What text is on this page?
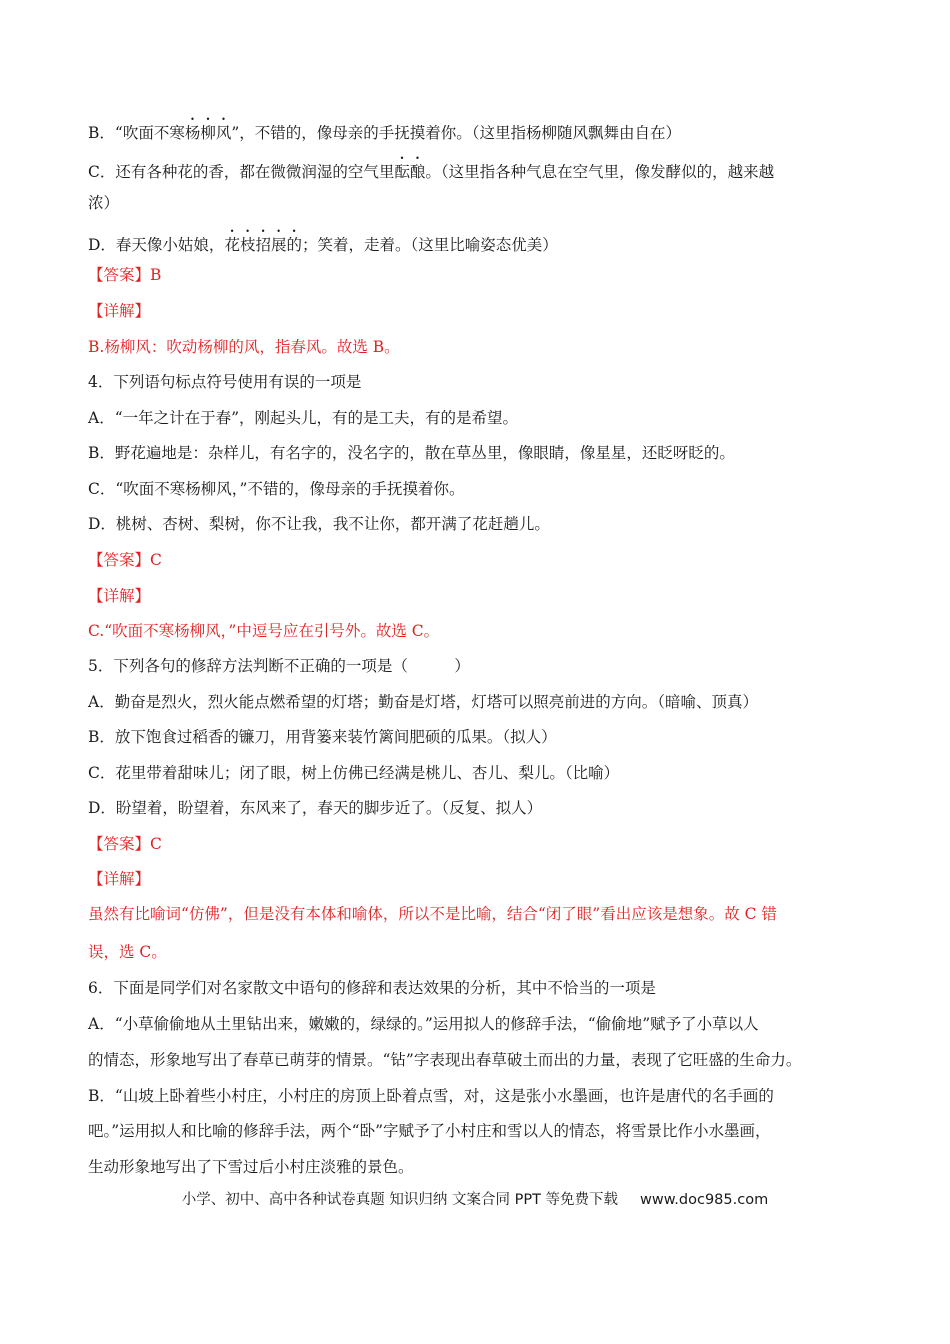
B．“吹面不寒杨柳风”，不错的，像母亲的手抚摸着你。（这里指杨柳随风飘舞由自在）
C．还有各种花的香，都在微微润湿的空气里酝酿。（这里指各种气息在空气里，像发酵似的，越来越
浓）
D．春天像小姑娘，花枝招展的；笑着，走着。（这里比喻姿态优美）
【答案】B
【详解】
B.杨柳风：吹动杨柳的风，指春风。故选 B。
4．下列语句标点符号使用有误的一项是
A．“一年之计在于春”，刚起头儿，有的是工夫，有的是希望。
B．野花遍地是：杂样儿，有名字的，没名字的，散在草丛里，像眼睛，像星星，还眨呀眨的。
C．“吹面不寒杨柳风，”不错的，像母亲的手抚摸着你。
D．桃树、杏树、梨树，你不让我，我不让你，都开满了花赶趟儿。
【答案】C
【详解】
C.“吹面不寒杨柳风，”中逗号应在引号外。故选 C。
5．下列各句的修辞方法判断不正确的一项是（　　　）
A．勤奋是烈火，烈火能点燃希望的灯塔；勤奋是灯塔，灯塔可以照亮前进的方向。（暗喻、顶真）
B．放下饱食过稻香的镰刀，用背篓来装竹篱间肥硕的瓜果。（拟人）
C．花里带着甜味儿；闭了眼，树上仿佛已经满是桃儿、杏儿、梨儿。（比喻）
D．盼望着，盼望着，东风来了，春天的脚步近了。（反复、拟人）
【答案】C
【详解】
虽然有比喻词“仿佛”，但是没有本体和喻体，所以不是比喻，结合“闭了眼”看出应该是想象。故 C 错
误，选 C。
6．下面是同学们对名家散文中语句的修辞和表达效果的分析，其中不恰当的一项是
A．“小草偷偷地从土里钻出来，嫩嫩的，绿绿的。”运用拟人的修辞手法，“偷偷地”赋予了小草以人
的情态，形象地写出了春草已萌芽的情景。“钻”字表现出春草破土而出的力量，表现了它旺盛的生命力。
B．“山坡上卧着些小村庄，小村庄的房顶上卧着点雪，对，这是张小水墨画，也许是唐代的名手画的
吧。”运用拟人和比喻的修辞手法，两个“卧”字赋予了小村庄和雪以人的情态，将雪景比作小水墨画，
生动形象地写出了下雪过后小村庄淡雅的景色。
小学、初中、高中各种试卷真题 知识归纳 文案合同 PPT 等免费下载 www.doc985.com
